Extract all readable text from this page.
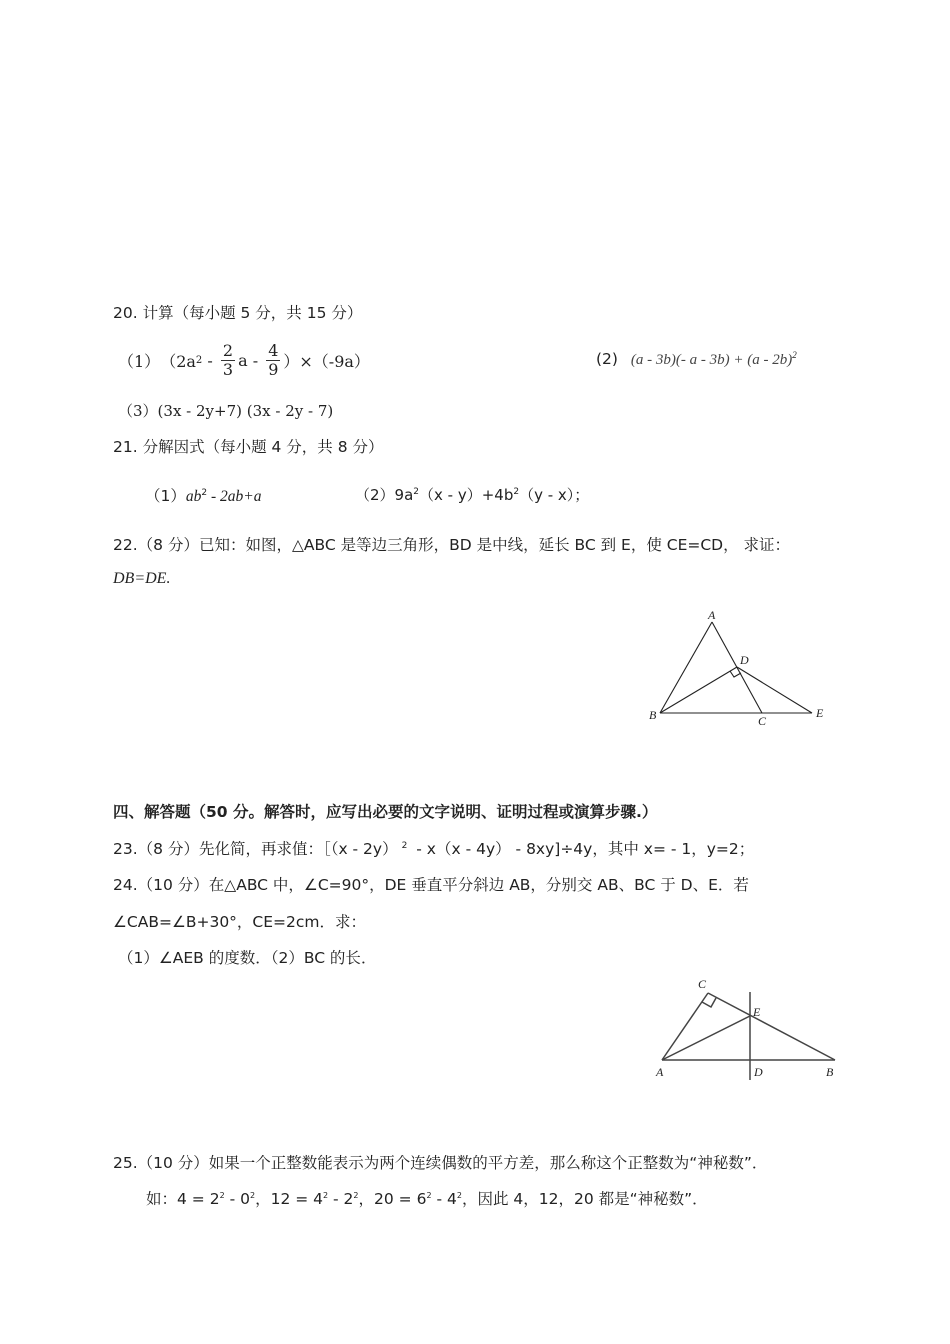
20. 计算（每小题 5 分，共 15 分）
（1） （2a $2 - \frac{2}{3}$ $a - \frac{4}{9} )\times(-9a)$	(2) (a - 3b)(- a - 3b) + (a - 2b)$^2$
（3）(3x - 2y+7) (3x - 2y - 7)
21. 分解因式（每小题 4 分，共 8 分）
$(1)ab^2 - 2ab+a$	$(2)9a^2(x - y)+4b^2(y - x)$；
22.（8 分）已知：如图，△ABC 是等边三角形，BD 是中线，延长 BC 到 E，使 CE=CD， 求证：
DB=DE.
A
B	C
D
E
四、解答题（50 分。解答时，应写出必要的文字说明、证明过程或演算步骤.）
23.（8 分）先化简，再求值：［（x - 2y） $^2$ - x（x - 4y） - 8xy]÷4y，其中 x= - 1，y=2；
24.（10 分）在△ABC 中，∠C=90°，DE 垂直平分斜边 AB，分别交 AB、BC 于 D、E．若
∠CAB=∠B+30°，CE=2cm．求：
（1）∠AEB 的度数．（2）BC 的长．
C
E
A	D	B
25.（10 分）如果一个正整数能表示为两个连续偶数的平方差，那么称这个正整数为“神秘数”．
如：$4 = 2^2 - 0^2$，$12 = 4^2 - 2^2$，$20 = 6^2 - 4^2$，因此 4，12，20 都是“神秘数”．
